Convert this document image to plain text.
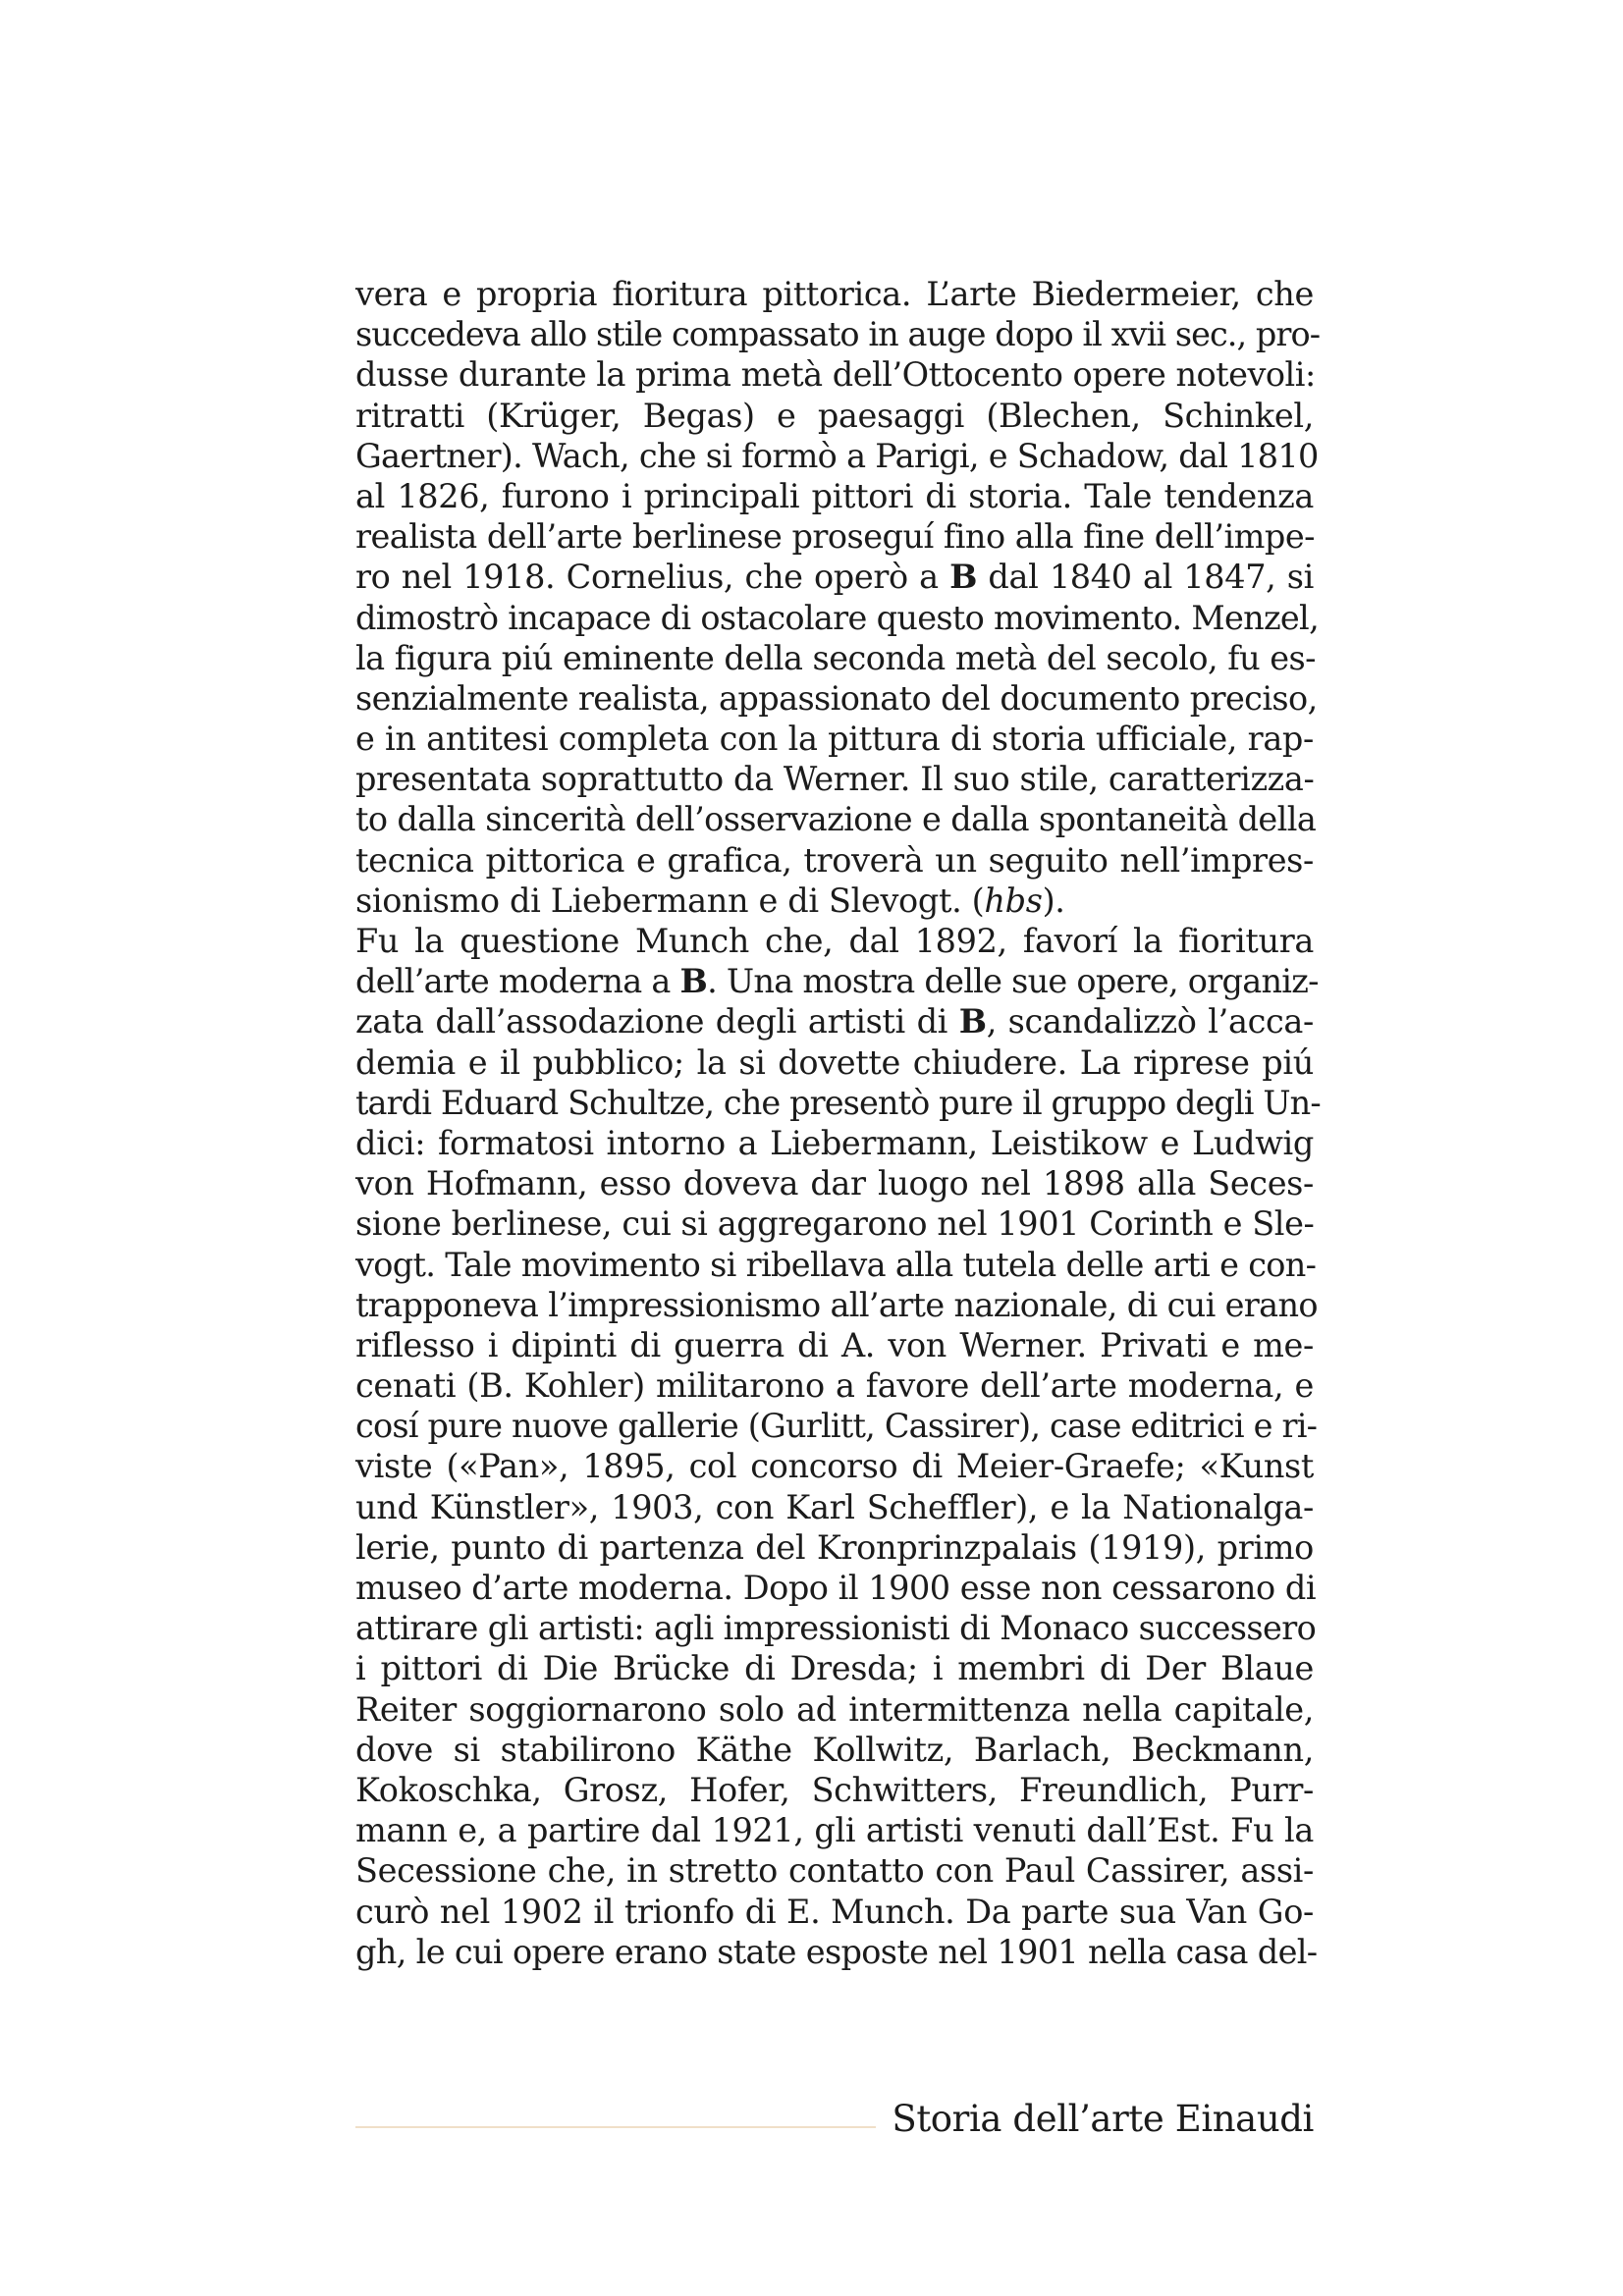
vera e propria fioritura pittorica. L’arte Biedermeier, che
succedeva allo stile compassato in auge dopo il xvii sec., pro-
dusse durante la prima metà dell’Ottocento opere notevoli:
ritratti (Krüger, Begas) e paesaggi (Blechen, Schinkel,
Gaertner). Wach, che si formò a Parigi, e Schadow, dal 1810
al 1826, furono i principali pittori di storia. Tale tendenza
realista dell’arte berlinese proseguí fino alla fine dell’impe-
ro nel 1918. Cornelius, che operò a B dal 1840 al 1847, si
dimostrò incapace di ostacolare questo movimento. Menzel,
la figura piú eminente della seconda metà del secolo, fu es-
senzialmente realista, appassionato del documento preciso,
e in antitesi completa con la pittura di storia ufficiale, rap-
presentata soprattutto da Werner. Il suo stile, caratterizza-
to dalla sincerità dell’osservazione e dalla spontaneità della
tecnica pittorica e grafica, troverà un seguito nell’impres-
sionismo di Liebermann e di Slevogt. (hbs).
Fu la questione Munch che, dal 1892, favorí la fioritura
dell’arte moderna a B. Una mostra delle sue opere, organiz-
zata dall’assodazione degli artisti di B, scandalizzò l’acca-
demia e il pubblico; la si dovette chiudere. La riprese piú
tardi Eduard Schultze, che presentò pure il gruppo degli Un-
dici: formatosi intorno a Liebermann, Leistikow e Ludwig
von Hofmann, esso doveva dar luogo nel 1898 alla Seces-
sione berlinese, cui si aggregarono nel 1901 Corinth e Sle-
vogt. Tale movimento si ribellava alla tutela delle arti e con-
trapponeva l’impressionismo all’arte nazionale, di cui erano
riflesso i dipinti di guerra di A. von Werner. Privati e me-
cenati (B. Kohler) militarono a favore dell’arte moderna, e
cosí pure nuove gallerie (Gurlitt, Cassirer), case editrici e ri-
viste («Pan», 1895, col concorso di Meier-Graefe; «Kunst
und Künstler», 1903, con Karl Scheffler), e la Nationalga-
lerie, punto di partenza del Kronprinzpalais (1919), primo
museo d’arte moderna. Dopo il 1900 esse non cessarono di
attirare gli artisti: agli impressionisti di Monaco successero
i pittori di Die Brücke di Dresda; i membri di Der Blaue
Reiter soggiornarono solo ad intermittenza nella capitale,
dove si stabilirono Käthe Kollwitz, Barlach, Beckmann,
Kokoschka, Grosz, Hofer, Schwitters, Freundlich, Purr-
mann e, a partire dal 1921, gli artisti venuti dall’Est. Fu la
Secessione che, in stretto contatto con Paul Cassirer, assi-
curò nel 1902 il trionfo di E. Munch. Da parte sua Van Go-
gh, le cui opere erano state esposte nel 1901 nella casa del-
Storia dell’arte Einaudi
